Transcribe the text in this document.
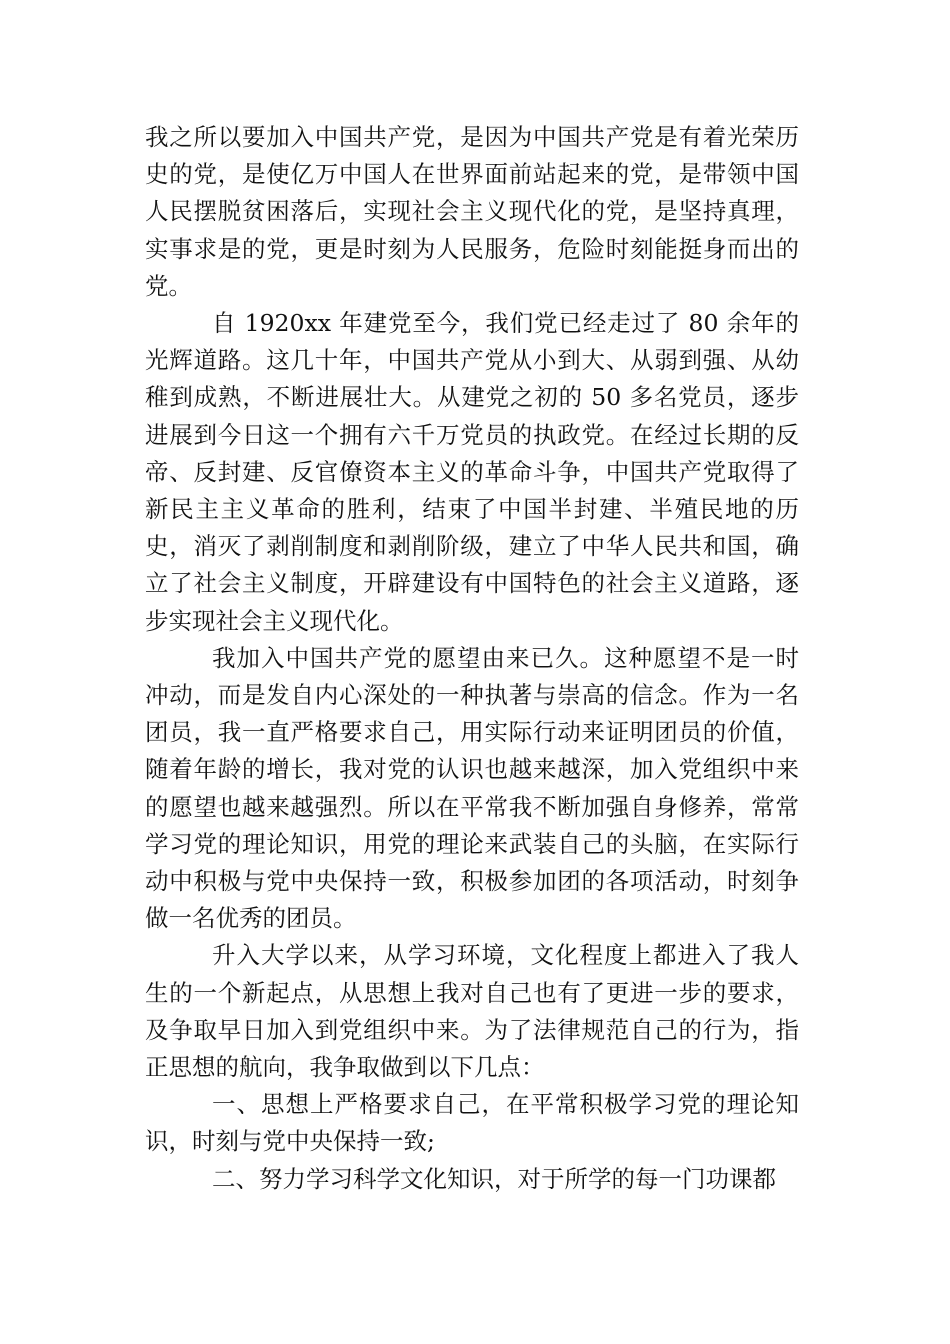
我之所以要加入中国共产党，是因为中国共产党是有着光荣历史的党，是使亿万中国人在世界面前站起来的党，是带领中国人民摆脱贫困落后，实现社会主义现代化的党，是坚持真理，实事求是的党，更是时刻为人民服务，危险时刻能挺身而出的党。

自 1920xx 年建党至今，我们党已经走过了 80 余年的光辉道路。这几十年，中国共产党从小到大、从弱到强、从幼稚到成熟，不断进展壮大。从建党之初的 50 多名党员，逐步进展到今日这一个拥有六千万党员的执政党。在经过长期的反帝、反封建、反官僚资本主义的革命斗争，中国共产党取得了新民主主义革命的胜利，结束了中国半封建、半殖民地的历史，消灭了剥削制度和剥削阶级，建立了中华人民共和国，确立了社会主义制度，开辟建设有中国特色的社会主义道路，逐步实现社会主义现代化。

我加入中国共产党的愿望由来已久。这种愿望不是一时冲动，而是发自内心深处的一种执著与崇高的信念。作为一名团员，我一直严格要求自己，用实际行动来证明团员的价值，随着年龄的增长，我对党的认识也越来越深，加入党组织中来的愿望也越来越强烈。所以在平常我不断加强自身修养，常常学习党的理论知识，用党的理论来武装自己的头脑，在实际行动中积极与党中央保持一致，积极参加团的各项活动，时刻争做一名优秀的团员。

升入大学以来，从学习环境，文化程度上都进入了我人生的一个新起点，从思想上我对自己也有了更进一步的要求，及争取早日加入到党组织中来。为了法律规范自己的行为，指正思想的航向，我争取做到以下几点：

一、思想上严格要求自己，在平常积极学习党的理论知识，时刻与党中央保持一致;

二、努力学习科学文化知识，对于所学的每一门功课都
